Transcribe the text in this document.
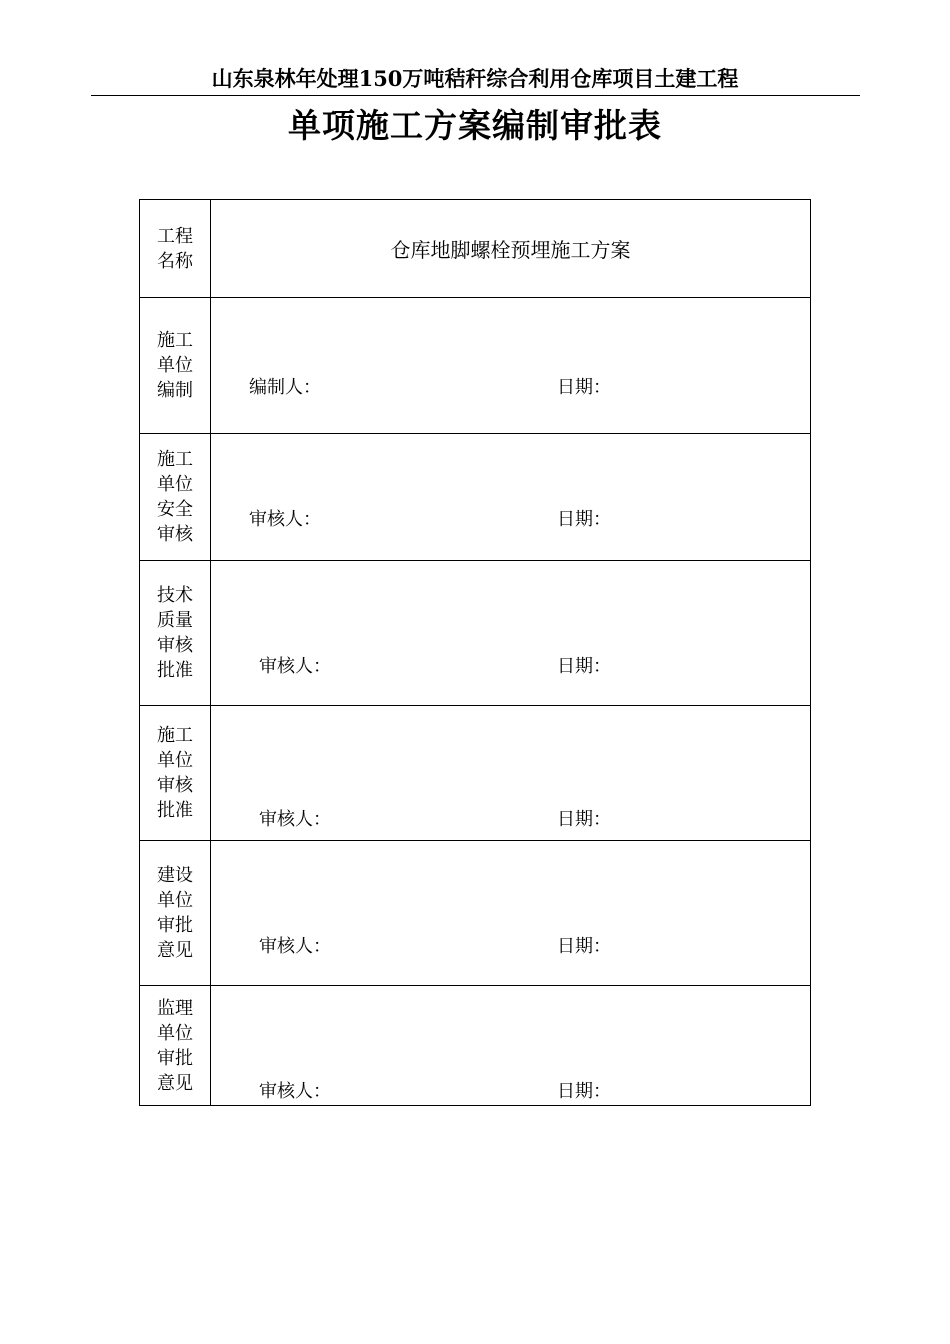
山东泉林年处理150万吨秸秆综合利用仓库项目土建工程
单项施工方案编制审批表
工程名称	仓库地脚螺栓预埋施工方案

施工单位编制	编制人： 日期：

施工单位安全审核	审核人： 日期：

技术质量审核批准	审核人： 日期：

施工单位审核批准	审核人： 日期：

建设单位审批意见	审核人： 日期：

监理单位审批意见	审核人： 日期：
